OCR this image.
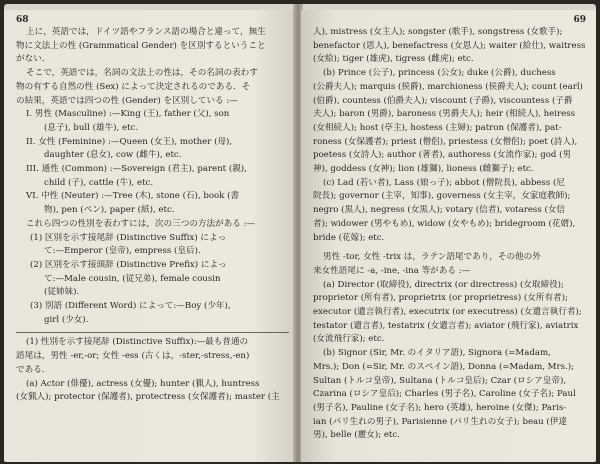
68
上に，英語では，ドイツ語やフランス語の場合と違って，無生
物に文法上の性 (Grammatical Gender) を区別するということ
がない．
そこで，英語では，名詞の文法上の性は，その名詞の表わす
物の有する自然の性 (Sex) によって決定されるのである．そ
の結果，英語では四つの性 (Gender) を区別している :—
I. 男性 (Masculine) :—King (王), father (父), son
(息子), bull (雄牛), etc.
II. 女性 (Feminine) :—Queen (女王), mother (母),
daughter (息女), cow (雌牛), etc.
III. 通性 (Common) :—Sovereign (君主), parent (親),
child (子), cattle (牛), etc.
VI. 中性 (Neuter) :—Tree (木), stone (石), book (書
物), pen (ペン), paper (紙), etc.
これら四つの性別を表わすには，次の三つの方法がある :—
(1) 区別を示す接尾辞 (Distinctive Suffix) によっ
て:—Emperor (皇帝), empress (皇后).
(2) 区別を示す接頭辞 (Distinctive Prefix) によっ
て:—Male cousin, (従兄弟), female cousin
(従姉妹).
(3) 別語 (Different Word) によって:—Boy (少年),
girl (少女).
(1) 性別を示す接尾辞 (Distinctive Suffix):—最も普通の
語尾は，男性 -er,-or; 女性 -ess (古くは，-ster,-stress,-en)
である．
(a) Actor (俳優), actress (女優); hunter (猟人), huntress
(女猟人); protector (保護者), protectress (女保護者); master (主
69
人), mistress (女主人); songster (歌手), songstress (女歌手);
benefactor (恩人), benefactress (女恩人); waiter (給仕), waitress
(女給); tiger (雄虎), tigress (雌虎); etc.
(b) Prince (公子), princess (公女); duke (公爵), duchess
(公爵夫人); marquis (侯爵), marchioness (侯爵夫人); count (earl)
(伯爵), countess (伯爵夫人); viscount (子爵), viscountess (子爵
夫人); baron (男爵), baroness (男爵夫人); heir (相続人), heiress
(女相続人); host (亭主), hostess (主婦); patron (保護者), pat-
roness (女保護者); priest (僧侶), priestess (女僧侶); poet (詩人),
poetess (女詩人); author (著者), authoress (女流作家); god (男
神), goddess (女神); lion (雄獅), lioness (雌獅子); etc.
(c) Lad (若い者), Lass (娘っ子); abbot (僧院長), abbess (尼
院長); governor (主宰，知事), governess (女主宰，女家庭教師);
negro (黒人), negress (女黒人); votary (信者), votaress (女信
者); widower (男やもめ), widow (女やもめ); bridegroom (花婿),
bride (花嫁); etc.
男性 -tor, 女性 -trix は，ラテン語尾であり，その他の外
来女性語尾に -a, -ine, -ina 等がある :—
(a) Director (取締役), directrix (or directress) (女取締役);
proprietor (所有者), proprietrix (or proprietress) (女所有者);
executor (遺言執行者), executrix (or executress) (女遺言執行者);
testator (遺言者), testatrix (女遺言者); aviator (飛行家), aviatrix
(女流飛行家); etc.
(b) Signor (Sir, Mr. のイタリア語), Signora (=Madam,
Mrs.); Don (=Sir, Mr. のスペイン語), Donna (=Madam, Mrs.);
Sultan (トルコ皇帝), Sultana (トルコ皇后); Czar (ロシア皇帝),
Czarina (ロシア皇后); Charles (男子名), Caroline (女子名); Paul
(男子名), Pauline (女子名); hero (英雄), heroine (女傑); Paris-
ian (パリ生れの男子), Parisienne (パリ生れの女子); beau (伊達
男), belle (麗女); etc.
